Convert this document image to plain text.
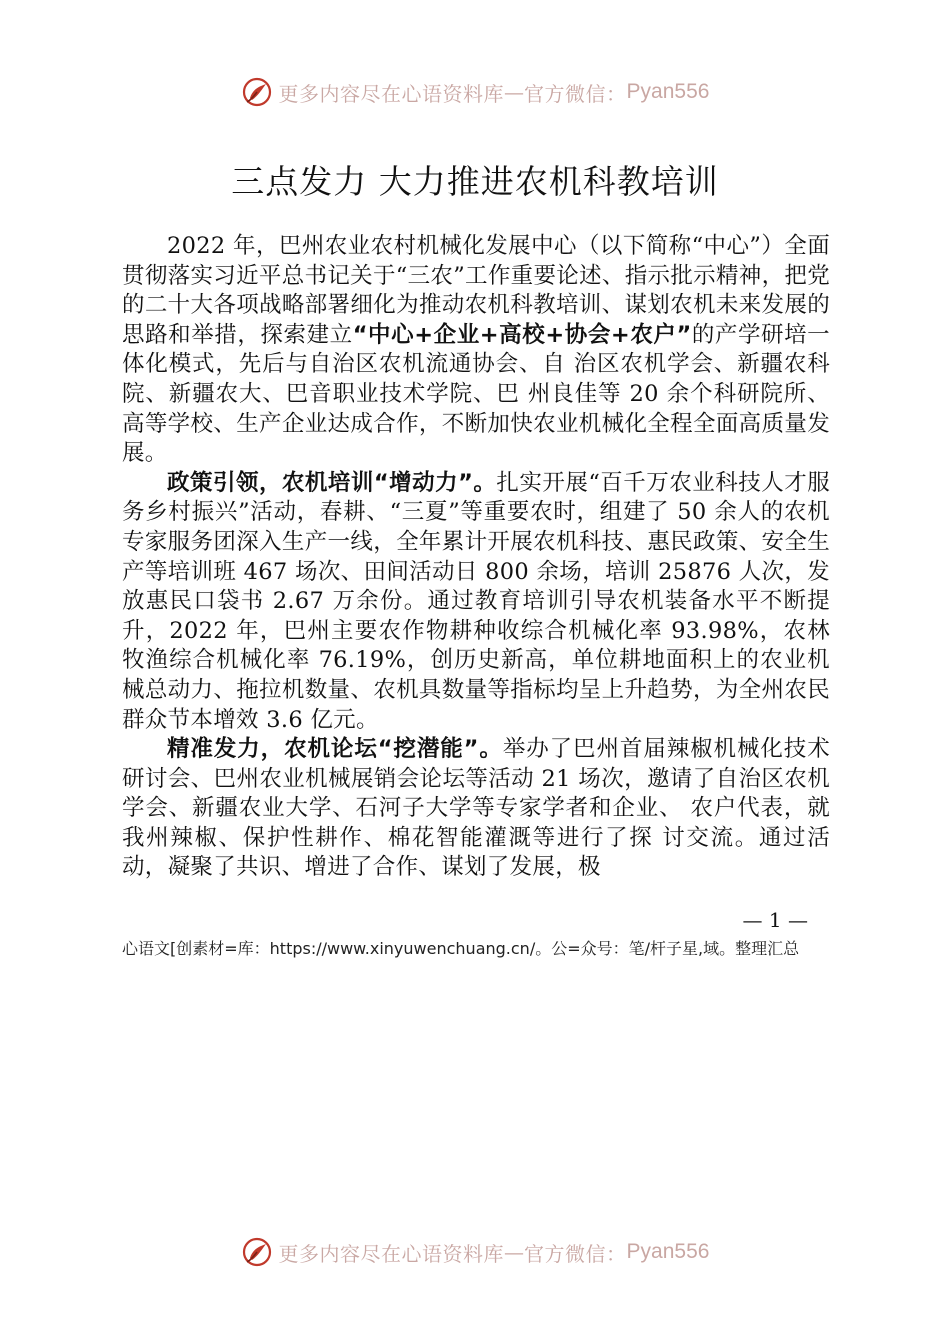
更多内容尽在心语资料库 — 官方微信： Pyan556
三点发力 大力推进农机科教培训

2022 年，巴州农业农村机械化发展中心（以下简称“中心”）全面贯彻落实习近平总书记关于“三农”工作重要论述、指示批示精神，把党的二十大各项战略部署细化为推动农机科教培训、谋划农机未来发展的思路和举措，探索建立“中心+企业+高校+协会+农户”的产学研培一体化模式，先后与自治区农机流通协会、自 治区农机学会、新疆农科院、新疆农大、巴音职业技术学院、巴 州良佳等 20 余个科研院所、高等学校、生产企业达成合作，不断加快农业机械化全程全面高质量发展。

政策引领，农机培训“增动力”。扎实开展“百千万农业科技人才服务乡村振兴”活动，春耕、“三夏”等重要农时，组建了 50 余人的农机专家服务团深入生产一线，全年累计开展农机科技、惠民政策、安全生产等培训班 467 场次、田间活动日 800 余场，培训 25876 人次，发放惠民口袋书 2.67 万余份。通过教育培训引导农机装备水平不断提升，2022 年，巴州主要农作物耕种收综合机械化率 93.98%，农林牧渔综合机械化率 76.19%，创历史新高，单位耕地面积上的农业机械总动力、拖拉机数量、农机具数量等指标均呈上升趋势，为全州农民群众节本增效 3.6 亿元。

精准发力，农机论坛“挖潜能”。举办了巴州首届辣椒机械化技术研讨会、巴州农业机械展销会论坛等活动 21 场次，邀请了自治区农机学会、新疆农业大学、石河子大学等专家学者和企业、 农户代表，就我州辣椒、保护性耕作、棉花智能灌溉等进行了探 讨交流。通过活动，凝聚了共识、增进了合作、谋划了发展，极

— 1 —
心语文[创素材=库：https://www.xinyuwenchuang.cn/。公=众号：笔/杆子星,域。整理汇总
更多内容尽在心语资料库 — 官方微信： Pyan556
